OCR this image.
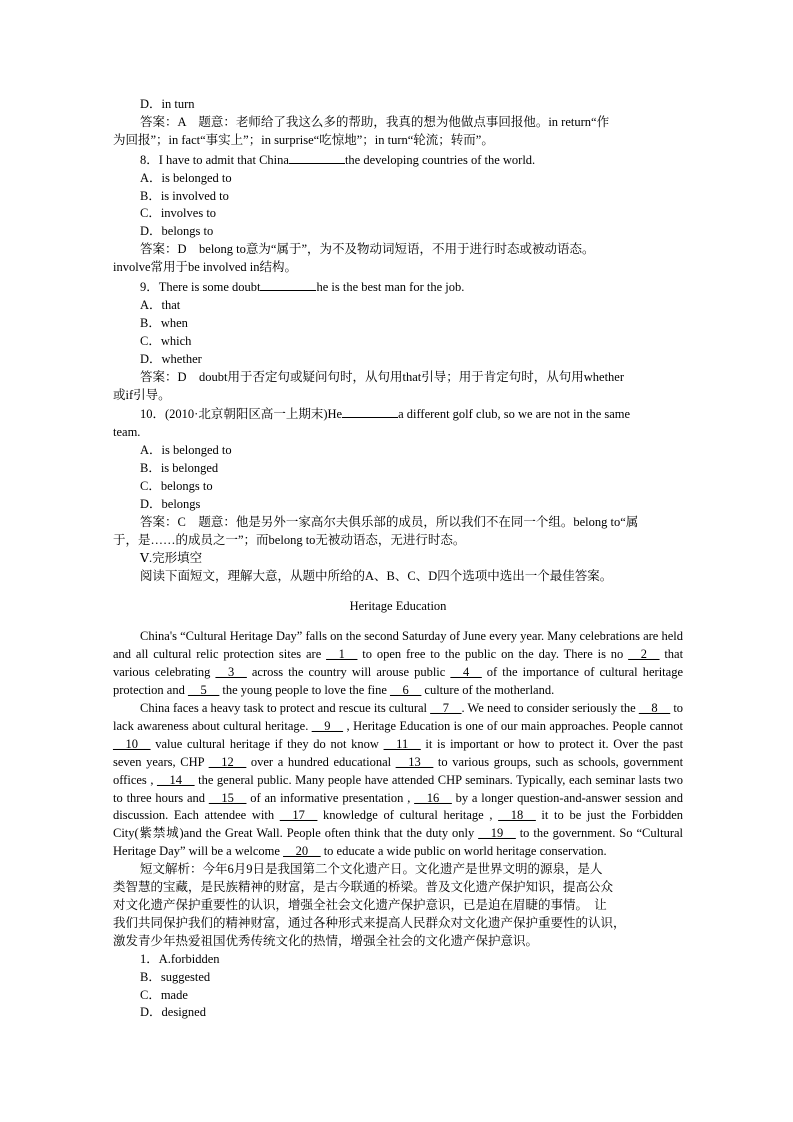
D．in turn

答案：A　题意：老师给了我这么多的帮助，我真的想为他做点事回报他。in return“作

为回报”；in fact“事实上”；in surprise“吃惊地”；in turn“轮流；转而”。

8．I have to admit that China	the developing countries of the world.

A．is belonged to

B．is involved to

C．involves to

D．belongs to

答案：D　belong to意为“属于”，为不及物动词短语，不用于进行时态或被动语态。

involve常用于be involved in结构。

9．There is some doubt	he is the best man for the job.

A．that

B．when

C．which

D．whether

答案：D　doubt用于否定句或疑问句时，从句用that引导；用于肯定句时，从句用whether

或if引导。

10．(2010·北京朝阳区高一上期末)He	a different golf club, so we are not in the same

team.

A．is belonged to

B．is belonged

C．belongs to

D．belongs

答案：C　题意：他是另外一家高尔夫俱乐部的成员，所以我们不在同一个组。belong to“属

于，是……的成员之一”；而belong to无被动语态，无进行时态。

Ⅴ.完形填空

阅读下面短文，理解大意，从题中所给的A、B、C、D四个选项中选出一个最佳答案。

Heritage Education

China's “Cultural Heritage Day” falls on the second Saturday of June every year. Many celebrations are held and all cultural relic protection sites are __1__ to open free to the public on the day. There is no __2__ that various celebrating __3__ across the country will arouse public __4__ of the importance of cultural heritage protection and __5__ the young people to love the fine __6__ culture of the motherland.
China faces a heavy task to protect and rescue its cultural __7__. We need to consider seriously the __8__ to lack awareness about cultural heritage. __9__ , Heritage Education is one of our main approaches. People cannot __10__ value cultural heritage if they do not know __11__ it is important or how to protect it. Over the past seven years, CHP __12__ over a hundred educational __13__ to various groups, such as schools, government offices , __14__ the general public. Many people have attended CHP seminars. Typically, each seminar lasts two to three hours and __15__ of an informative presentation , __16__ by a longer question-and-answer session and discussion. Each attendee with __17__ knowledge of cultural heritage , __18__ it to be just the Forbidden City(紫禁城)and the Great Wall. People often think that the duty only __19__ to the government. So “Cultural Heritage Day” will be a welcome __20__ to educate a wide public on world heritage conservation.

短文解析：今年6月9日是我国第二个文化遗产日。文化遗产是世界文明的源泉，是人

类智慧的宝藏，是民族精神的财富，是古今联通的桥梁。普及文化遗产保护知识，提高公众

对文化遗产保护重要性的认识，增强全社会文化遗产保护意识，已是迫在眉睫的事情。　让

我们共同保护我们的精神财富，通过各种形式来提高人民群众对文化遗产保护重要性的认识，

激发青少年热爱祖国优秀传统文化的热情，增强全社会的文化遗产保护意识。

1．A.forbidden

B．suggested

C．made

D．designed
